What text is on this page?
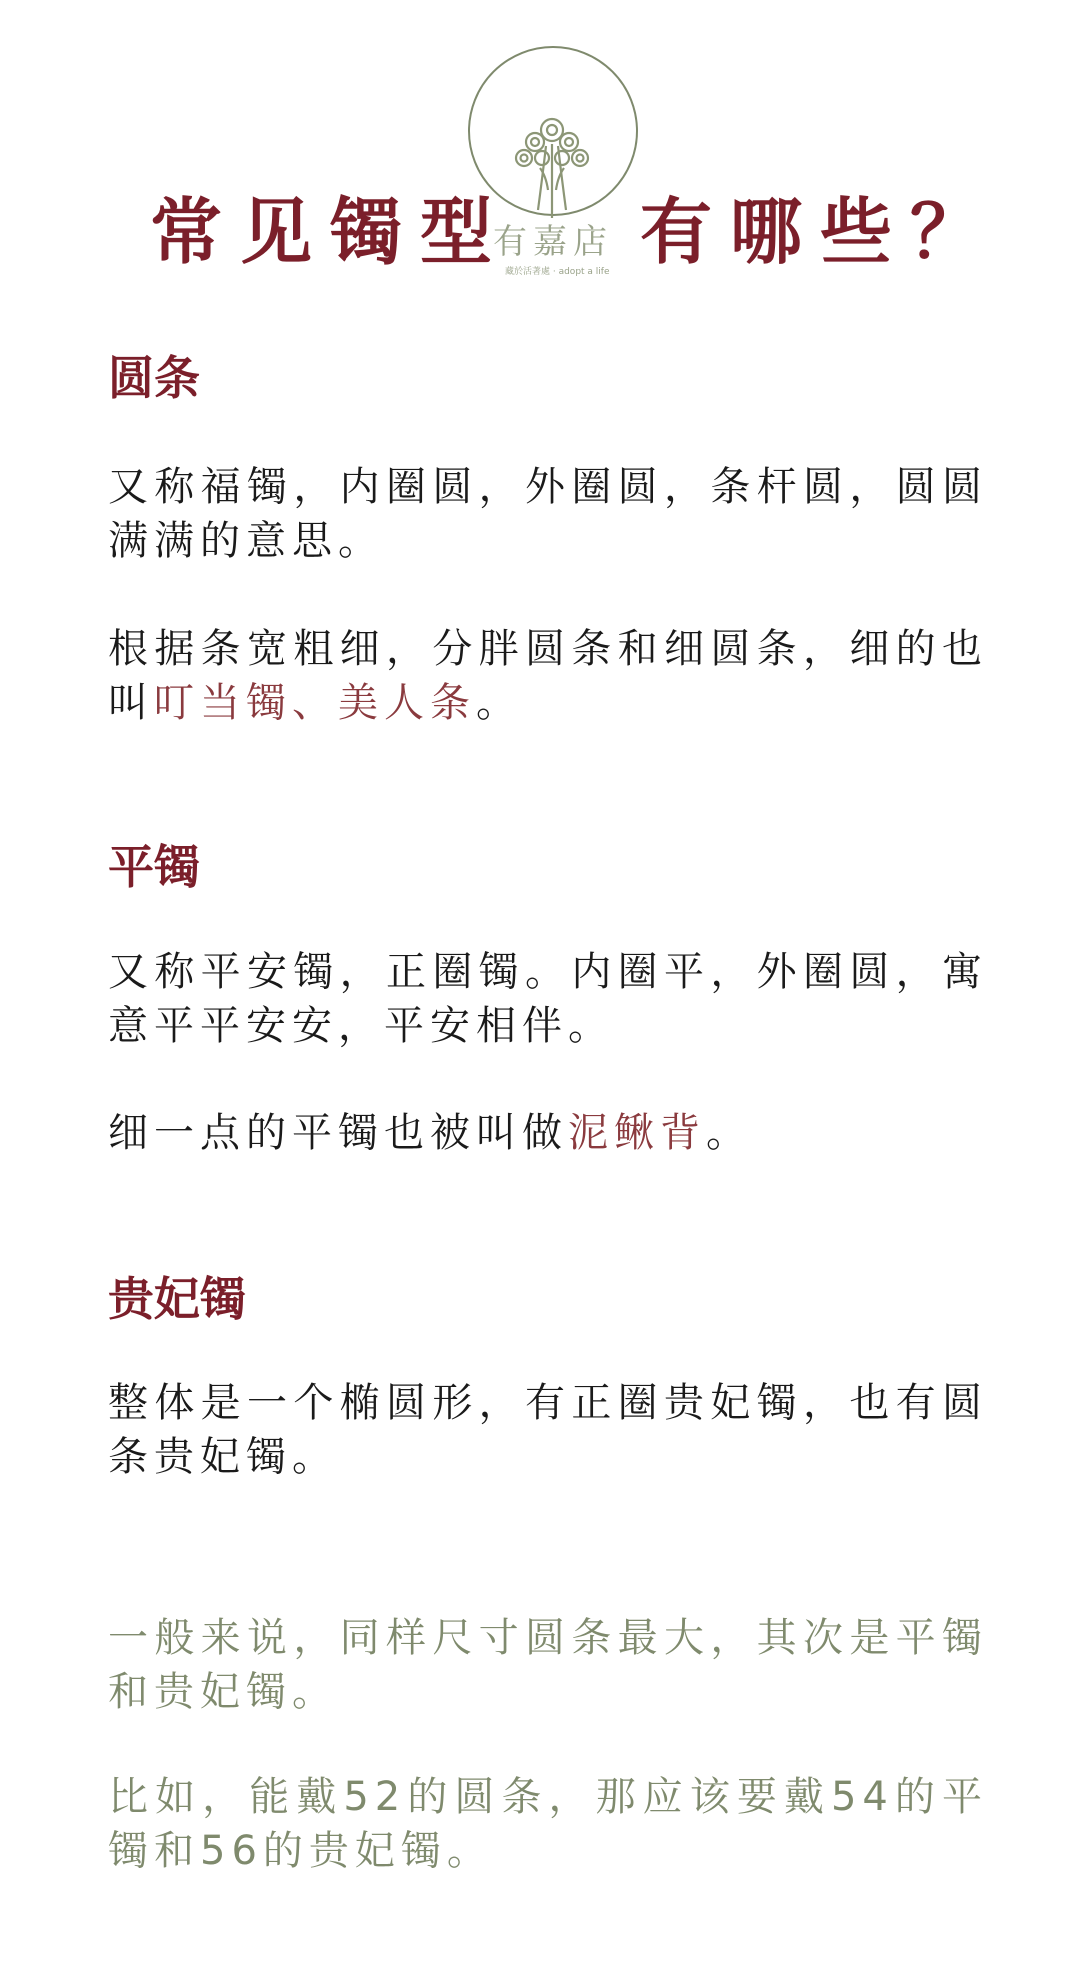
常见镯型
有嘉店
藏於活著處 · adopt a life 有哪些？
圆条
又称福镯，内圈圆，外圈圆，条杆圆，圆圆满满的意思。
根据条宽粗细，分胖圆条和细圆条，细的也叫叮当镯、美人条。
平镯
又称平安镯，正圈镯。内圈平，外圈圆，寓意平平安安，平安相伴。
细一点的平镯也被叫做泥鳅背。
贵妃镯
整体是一个椭圆形，有正圈贵妃镯，也有圆条贵妃镯。
一般来说，同样尺寸圆条最大，其次是平镯和贵妃镯。
比如，能戴52的圆条，那应该要戴54的平镯和56的贵妃镯。
